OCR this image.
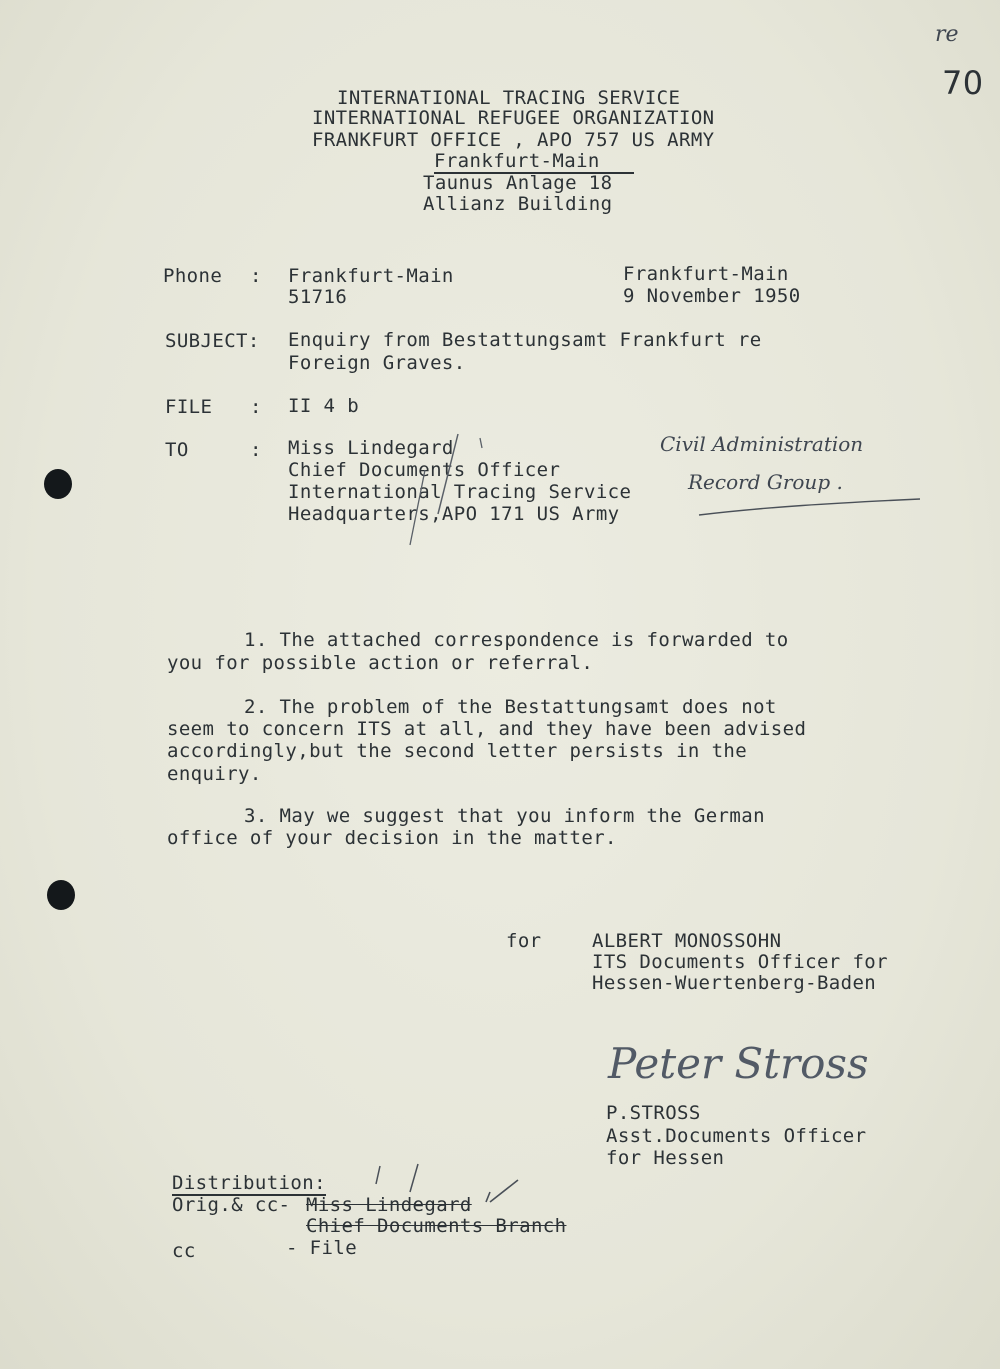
re
70
INTERNATIONAL TRACING SERVICE
INTERNATIONAL REFUGEE ORGANIZATION
FRANKFURT OFFICE , APO 757 US ARMY
Frankfurt-Main
Taunus Anlage 18
Allianz Building
Phone : Frankfurt-Main
51716
Frankfurt-Main
9 November 1950
SUBJECT: Enquiry from Bestattungsamt Frankfurt re
Foreign Graves.
FILE : II 4 b
TO	: Miss Lindegard
Chief Documents Officer
International Tracing Service
Headquarters,APO 171 US Army
Civil Administration
Record Group .
1. The attached correspondence is forwarded to
you for possible action or referral.
2. The problem of the Bestattungsamt does not
seem to concern ITS at all, and they have been advised
accordingly,but the second letter persists in the
enquiry.
3. May we suggest that you inform the German
office of your decision in the matter.
for	ALBERT MONOSSOHN
ITS Documents Officer for
Hessen-Wuertenberg-Baden
Peter Stross
P.STROSS
Asst.Documents Officer
for Hessen
Distribution:
Orig.& cc- Miss Lindegard
Chief Documents Branch
cc	- File
